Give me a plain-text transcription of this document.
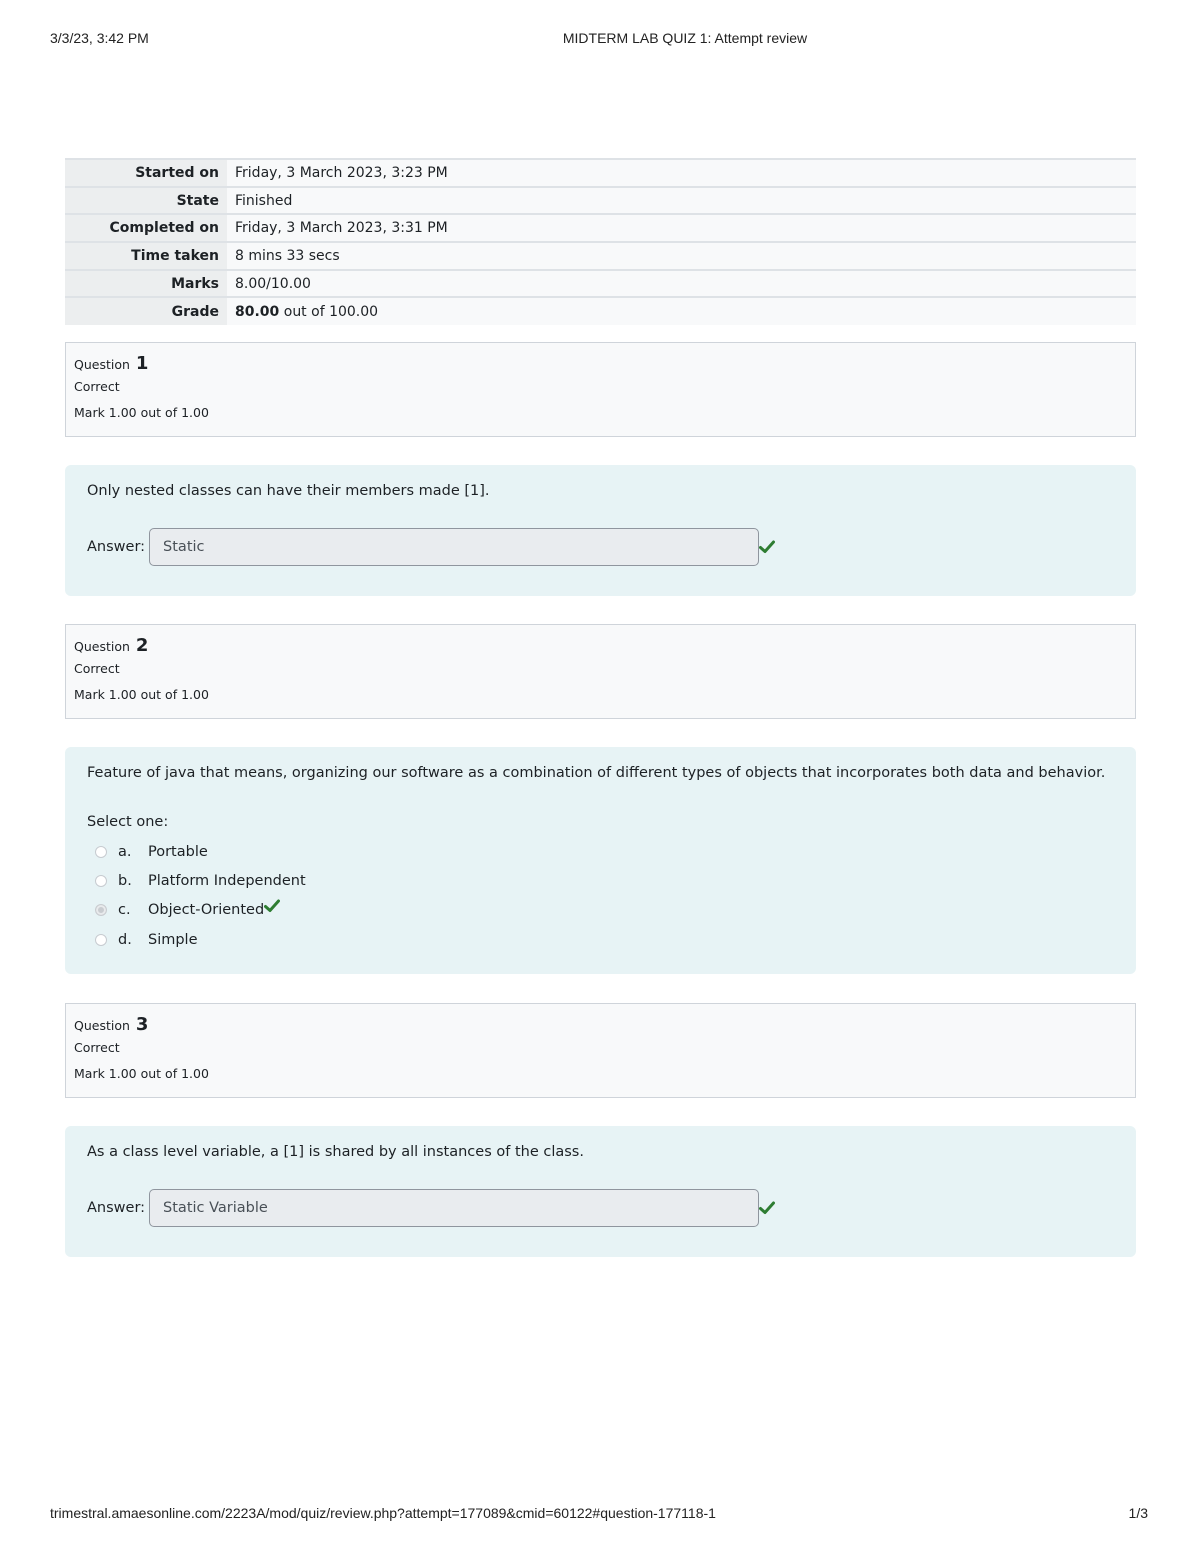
3/3/23, 3:42 PM	MIDTERM LAB QUIZ 1: Attempt review
Started on	Friday, 3 March 2023, 3:23 PM
State	Finished
Completed on	Friday, 3 March 2023, 3:31 PM
Time taken	8 mins 33 secs
Marks	8.00/10.00
Grade	80.00 out of 100.00
Question 1
Correct
Mark 1.00 out of 1.00

Only nested classes can have their members made [1].

Answer:	Static
Question 2
Correct
Mark 1.00 out of 1.00

Feature of java that means, organizing our software as a combination of different types of objects that incorporates both data and behavior.

Select one:
a.	Portable
b.	Platform Independent
c.	Object-Oriented
d.	Simple
Question 3
Correct
Mark 1.00 out of 1.00

As a class level variable, a [1] is shared by all instances of the class.

Answer:	Static Variable
trimestral.amaesonline.com/2223A/mod/quiz/review.php?attempt=177089&cmid=60122#question-177118-1	1/3
